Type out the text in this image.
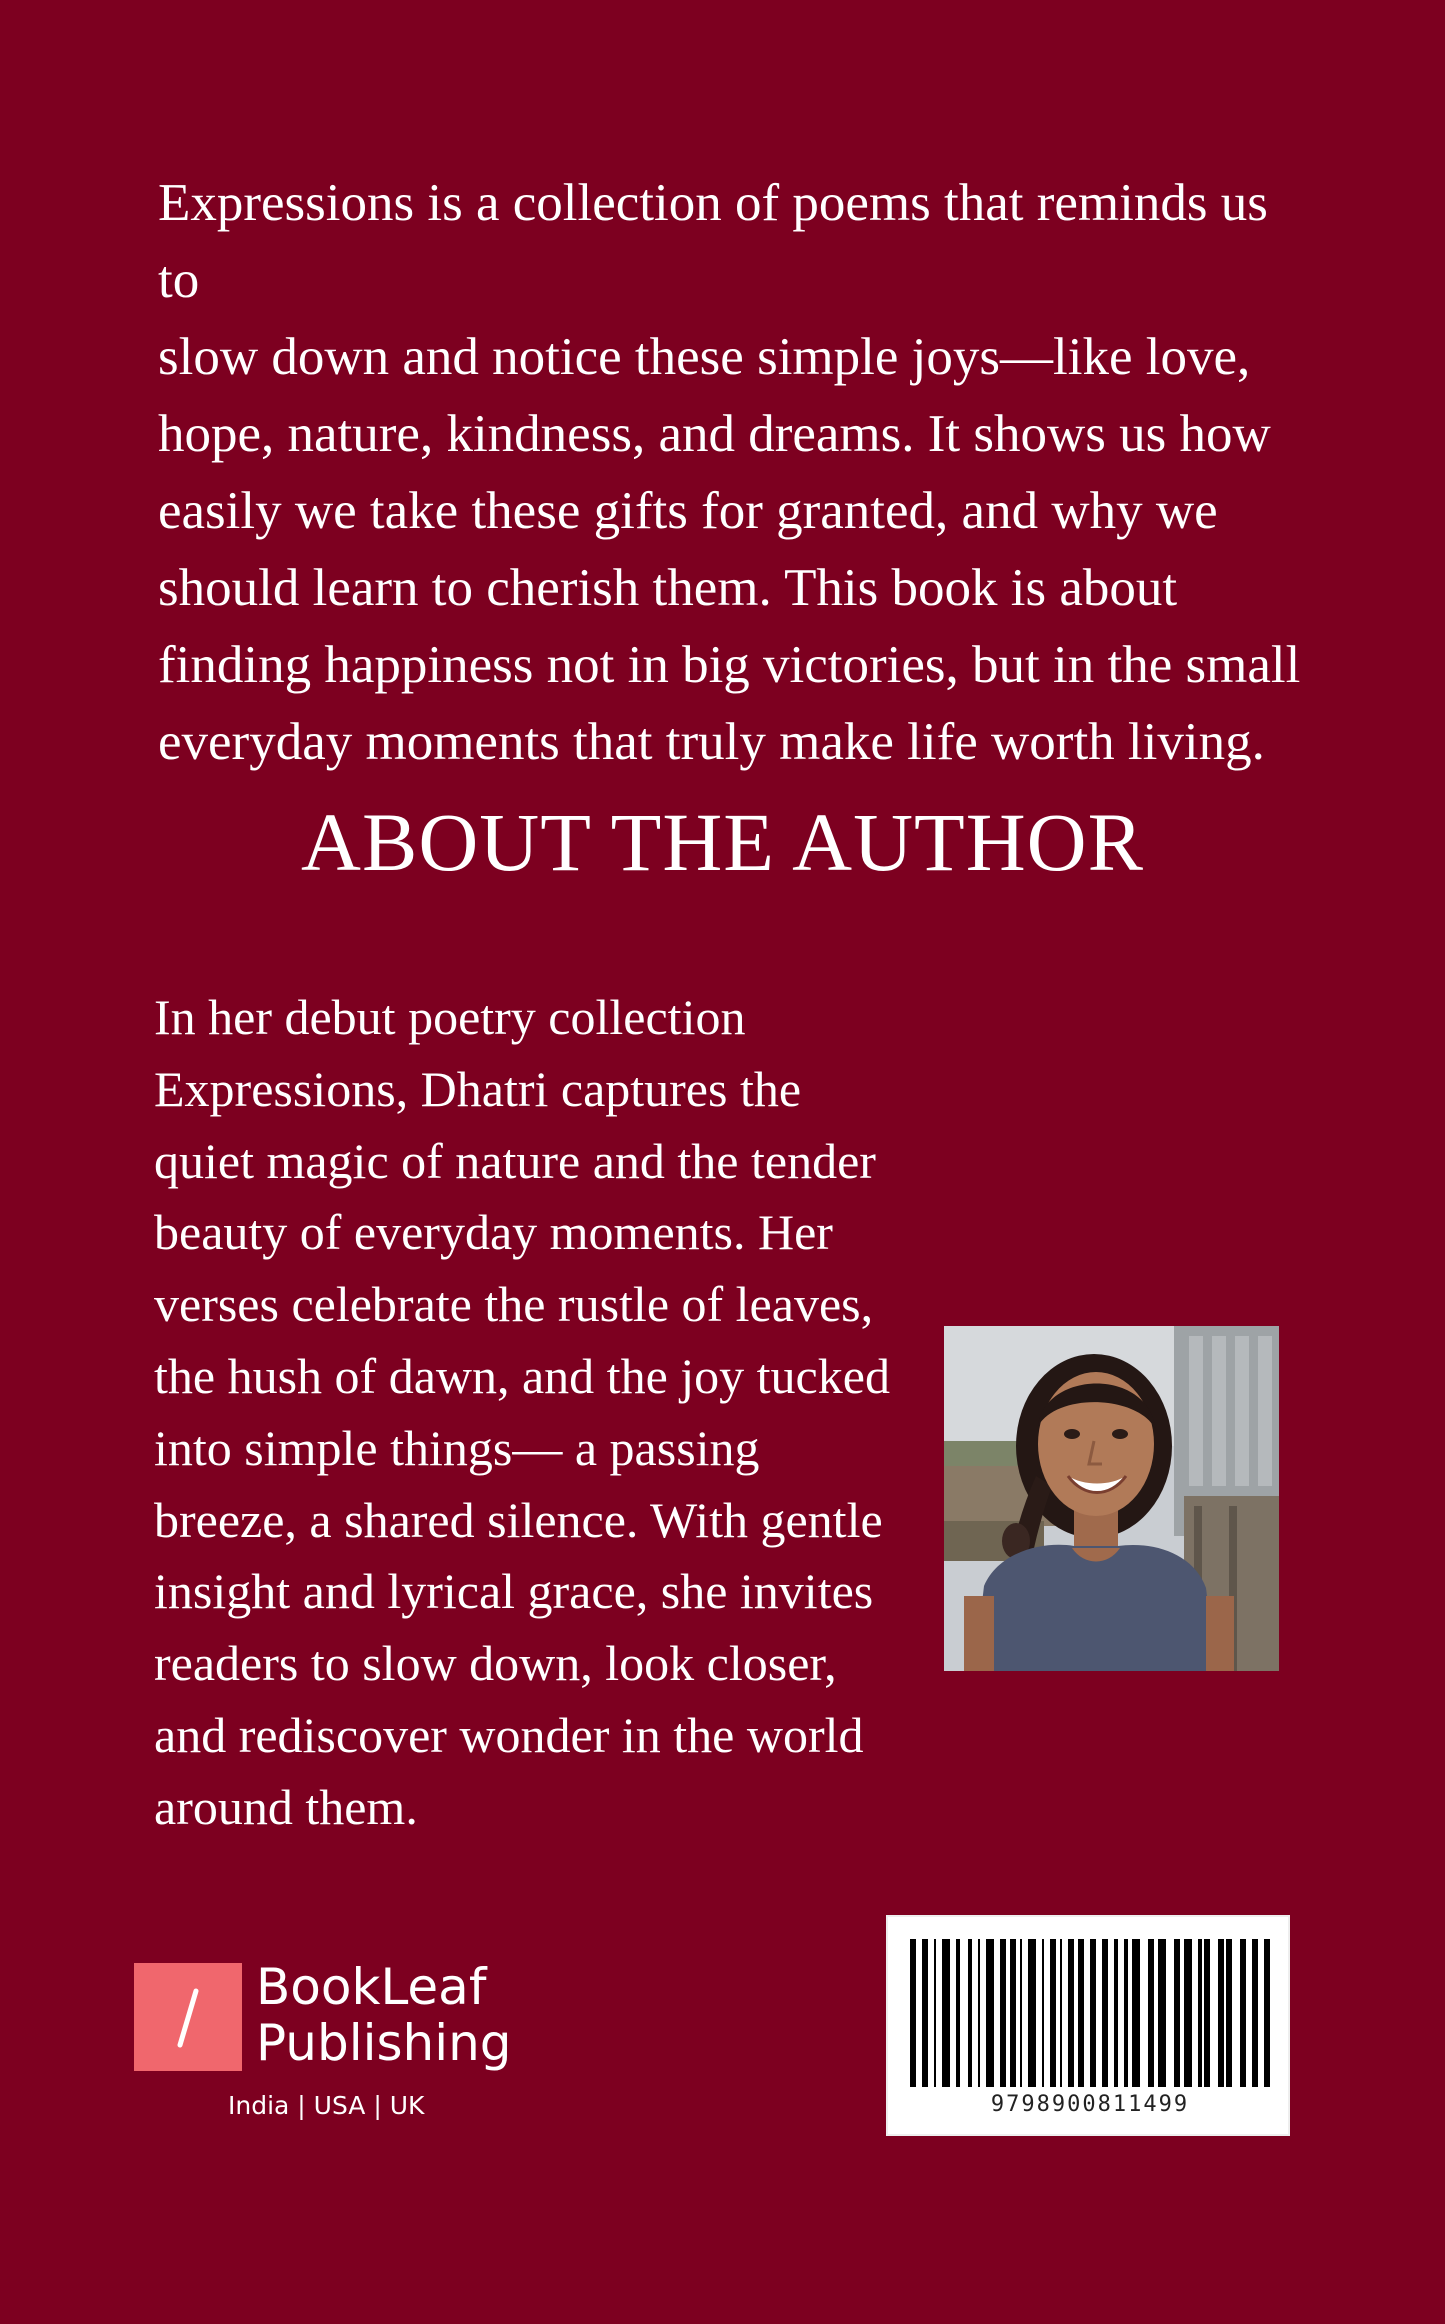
Expressions is a collection of poems that reminds us to
slow down and notice these simple joys—like love,
hope, nature, kindness, and dreams. It shows us how
easily we take these gifts for granted, and why we
should learn to cherish them. This book is about
finding happiness not in big victories, but in the small
everyday moments that truly make life worth living.
ABOUT THE AUTHOR
In her debut poetry collection
Expressions, Dhatri captures the
quiet magic of nature and the tender
beauty of everyday moments. Her
verses celebrate the rustle of leaves,
the hush of dawn, and the joy tucked
into simple things— a passing
breeze, a shared silence. With gentle
insight and lyrical grace, she invites
readers to slow down, look closer,
and rediscover wonder in the world
around them.
BookLeaf
Publishing
India | USA | UK	9798900811499
